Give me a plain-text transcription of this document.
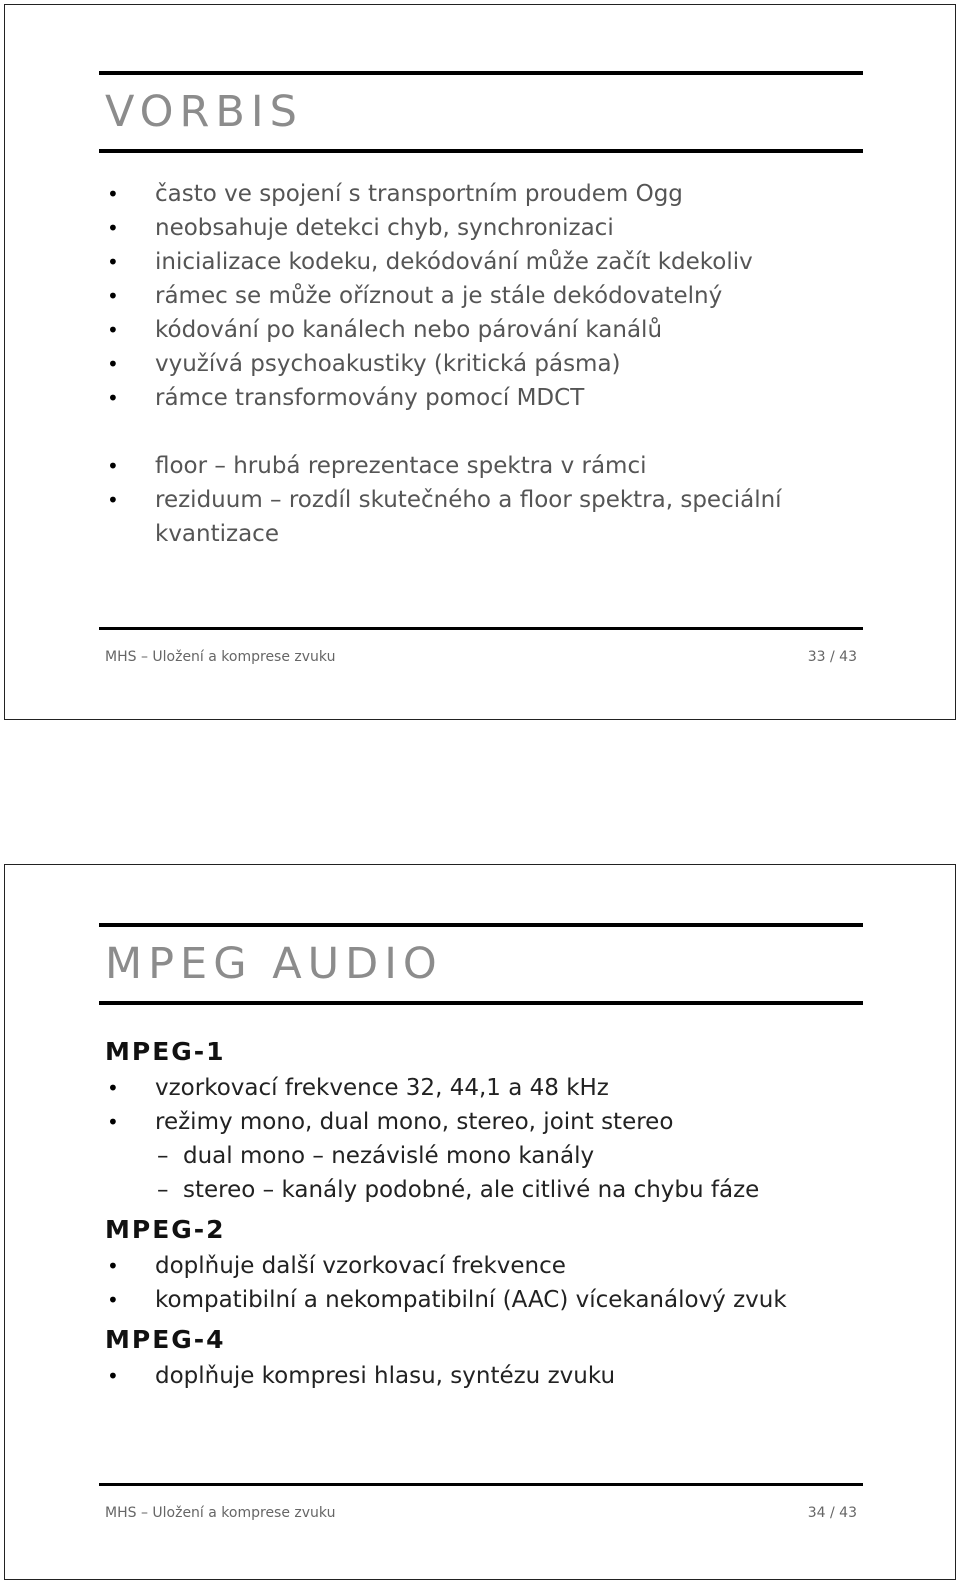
VORBIS
• často ve spojení s transportním proudem Ogg
• neobsahuje detekci chyb, synchronizaci
• inicializace kodeku, dekódování může začít kdekoliv
• rámec se může oříznout a je stále dekódovatelný
• kódování po kanálech nebo párování kanálů
• využívá psychoakustiky (kritická pásma)
• rámce transformovány pomocí MDCT
• floor – hrubá reprezentace spektra v rámci
• reziduum – rozdíl skutečného a floor spektra, speciální kvantizace
MHS – Uložení a komprese zvuku	33 / 43
MPEG AUDIO
MPEG-1
• vzorkovací frekvence 32, 44,1 a 48 kHz
• režimy mono, dual mono, stereo, joint stereo
– dual mono – nezávislé mono kanály
– stereo – kanály podobné, ale citlivé na chybu fáze
MPEG-2
• doplňuje další vzorkovací frekvence
• kompatibilní a nekompatibilní (AAC) vícekanálový zvuk
MPEG-4
• doplňuje kompresi hlasu, syntézu zvuku
MHS – Uložení a komprese zvuku	34 / 43
